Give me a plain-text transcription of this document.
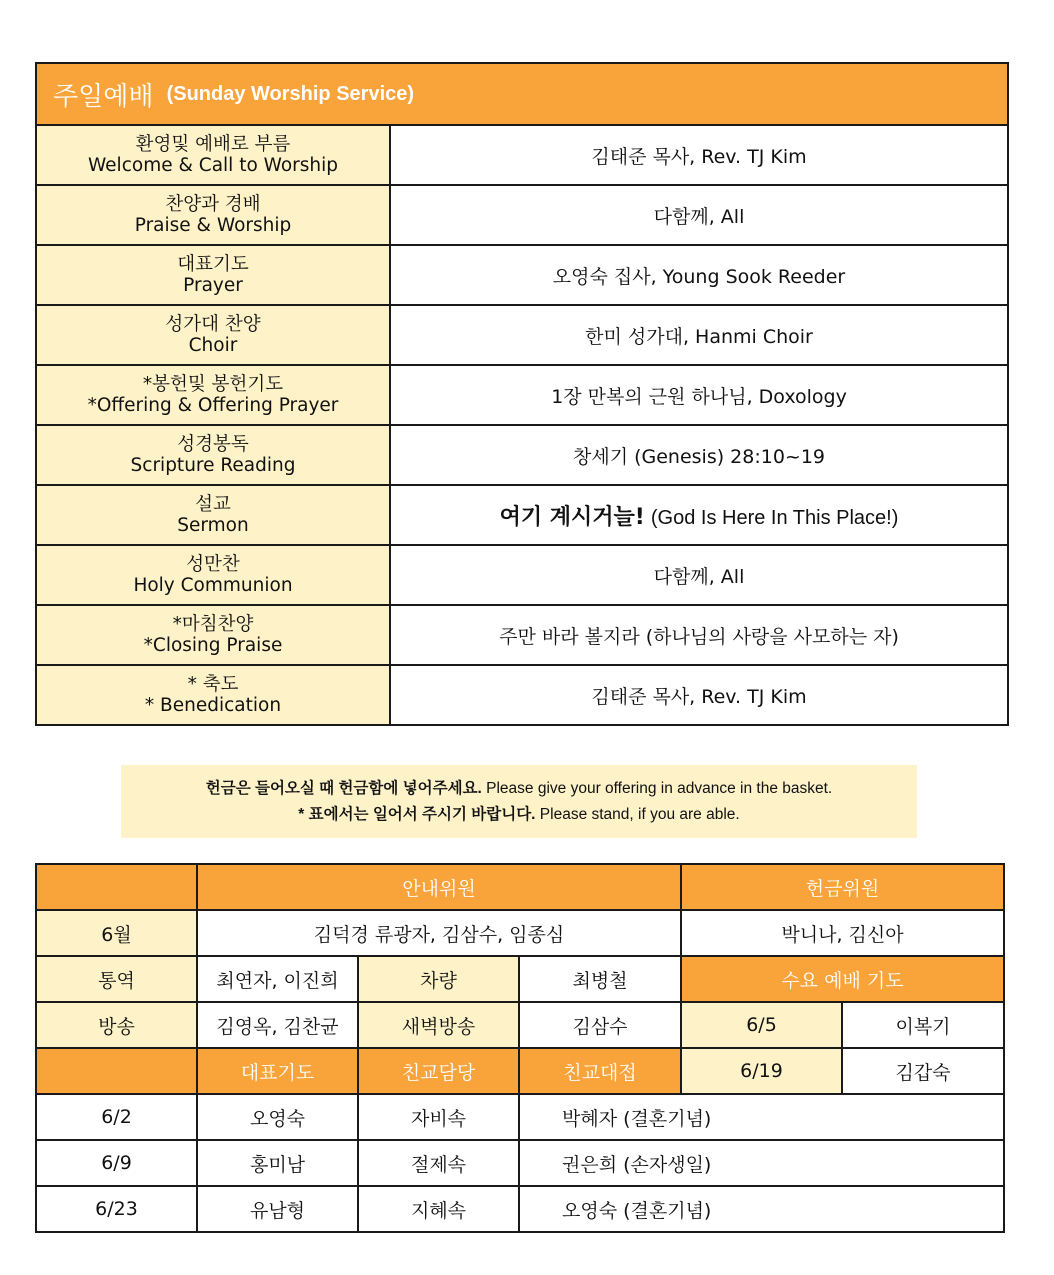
주일예배 (Sunday Worship Service)	

환영및 예배로 부름
Welcome & Call to Worship	김태준 목사, Rev. TJ Kim

찬양과 경배
Praise & Worship	다함께, All

대표기도
Prayer	오영숙 집사, Young Sook Reeder

성가대 찬양
Choir	한미 성가대, Hanmi Choir

*봉헌및 봉헌기도
*Offering & Offering Prayer	1장 만복의 근원 하나님, Doxology

성경봉독
Scripture Reading	창세기 (Genesis) 28:10~19

설교
Sermon	여기 계시거늘! (God Is Here In This Place!)

성만찬
Holy Communion	다함께, All

*마침찬양
*Closing Praise	주만 바라 볼지라 (하나님의 사랑을 사모하는 자)

* 축도
* Benedication	김태준 목사, Rev. TJ Kim
헌금은 들어오실 때 헌금함에 넣어주세요. Please give your offering in advance in the basket.
* 표에서는 일어서 주시기 바랍니다. Please stand, if you are able.
	안내위원			헌금위원	
6월	김덕경 류광자, 김삼수, 임종심			박니나, 김신아	
통역	최연자, 이진희	차량	최병철	수요 예배 기도	
방송	김영옥, 김찬균	새벽방송	김삼수	6/5	이복기
	대표기도	친교담당	친교대접	6/19	김갑숙
6/2	오영숙	자비속	박혜자 (결혼기념)		
6/9	홍미남	절제속	권은희 (손자생일)		
6/23	유남형	지혜속	오영숙 (결혼기념)		
